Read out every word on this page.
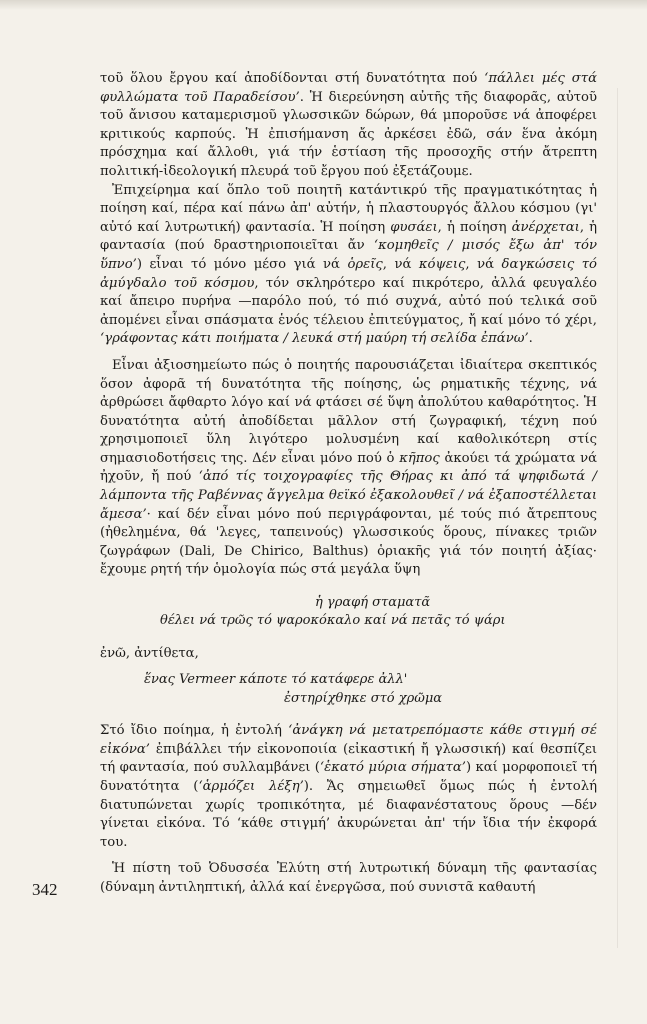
τοῦ ὅλου ἔργου καί ἀποδίδονται στή δυνατότητα πού ‘πάλλει μές στά φυλλώματα τοῦ Παραδείσου’. Ἡ διερεύνηση αὐτῆς τῆς διαφορᾶς, αὐτοῦ τοῦ ἄνισου καταμερισμοῦ γλωσσικῶν δώρων, θά μποροῦσε νά ἀποφέρει κριτικούς καρπούς. Ἡ ἐπισήμανση ἄς ἀρκέσει ἐδῶ, σάν ἕνα ἀκόμη πρόσχημα καί ἄλλοθι, γιά τήν ἑστίαση τῆς προσοχῆς στήν ἄτρεπτη πολιτική-ἰδεολογική πλευρά τοῦ ἔργου πού ἐξετάζουμε.

Ἐπιχείρημα καί ὅπλο τοῦ ποιητῆ κατάντικρύ τῆς πραγματικότητας ἡ ποίηση καί, πέρα καί πάνω ἀπ' αὐτήν, ἡ πλαστουργός ἄλλου κόσμου (γι' αὐτό καί λυτρωτική) φαντασία. Ἡ ποίηση φυσάει, ἡ ποίηση ἀνέρχεται, ἡ φαντασία (πού δραστηριοποιεῖται ἄν ‘κομηθεῖς / μισός ἔξω ἀπ' τόν ὕπνο’) εἶναι τό μόνο μέσο γιά νά ὁρεῖς, νά κόψεις, νά δαγκώσεις τό ἀμύγδαλο τοῦ κόσμου, τόν σκληρότερο καί πικρότερο, ἀλλά φευγαλέο καί ἄπειρο πυρήνα —παρόλο πού, τό πιό συχνά, αὐτό πού τελικά σοῦ ἀπομένει εἶναι σπάσματα ἑνός τέλειου ἐπιτεύγματος, ἤ καί μόνο τό χέρι, ‘γράφοντας κάτι ποιήματα / λευκά στή μαύρη τή σελίδα ἐπάνω’.

Εἶναι ἀξιοσημείωτο πώς ὁ ποιητής παρουσιάζεται ἰδιαίτερα σκεπτικός ὅσον ἀφορᾶ τή δυνατότητα τῆς ποίησης, ὡς ρηματικῆς τέχνης, νά ἀρθρώσει ἄφθαρτο λόγο καί νά φτάσει σέ ὕψη ἀπολύτου καθαρότητος. Ἡ δυνατότητα αὐτή ἀποδίδεται μᾶλλον στή ζωγραφική, τέχνη πού χρησιμοποιεῖ ὕλη λιγότερο μολυσμένη καί καθολικότερη στίς σημασιοδοτήσεις της. Δέν εἶναι μόνο πού ὁ κῆπος ἀκούει τά χρώματα νά ἠχοῦν, ἤ πού ‘ἀπό τίς τοιχογραφίες τῆς Θήρας κι ἀπό τά ψηφιδωτά / λάμποντα τῆς Ραβέννας ἄγγελμα θεϊκό ἐξακολουθεῖ / νά ἐξαποστέλλεται ἄμεσα’· καί δέν εἶναι μόνο πού περιγράφονται, μέ τούς πιό ἄτρεπτους (ἠθελημένα, θά 'λεγες, ταπεινούς) γλωσσικούς ὅρους, πίνακες τριῶν ζωγράφων (Dali, De Chirico, Balthus) ὁριακῆς γιά τόν ποιητή ἀξίας· ἔχουμε ρητή τήν ὁμολογία πώς στά μεγάλα ὕψη

ἡ γραφή σταματᾶ
θέλει νά τρῶς τό ψαροκόκαλο καί νά πετᾶς τό ψάρι

ἐνῶ, ἀντίθετα,

ἕνας Vermeer κάποτε τό κατάφερε ἀλλ'
ἐστηρίχθηκε στό χρῶμα

Στό ἴδιο ποίημα, ἡ ἐντολή ‘ἀνάγκη νά μετατρεπόμαστε κάθε στιγμή σέ εἰκόνα’ ἐπιβάλλει τήν εἰκονοποιία (εἰκαστική ἤ γλωσσική) καί θεσπίζει τή φαντασία, πού συλλαμβάνει (‘ἑκατό μύρια σήματα’) καί μορφοποιεῖ τή δυνατότητα (‘ἁρμόζει λέξη’). Ἄς σημειωθεῖ ὅμως πώς ἡ ἐντολή διατυπώνεται χωρίς τροπικότητα, μέ διαφανέστατους ὅρους —δέν γίνεται εἰκόνα. Τό ‘κάθε στιγμή’ ἀκυρώνεται ἀπ' τήν ἴδια τήν ἐκφορά του.

Ἡ πίστη τοῦ Ὀδυσσέα Ἐλύτη στή λυτρωτική δύναμη τῆς φαντασίας (δύναμη ἀντιληπτική, ἀλλά καί ἐνεργῶσα, πού συνιστᾶ καθαυτή

342
